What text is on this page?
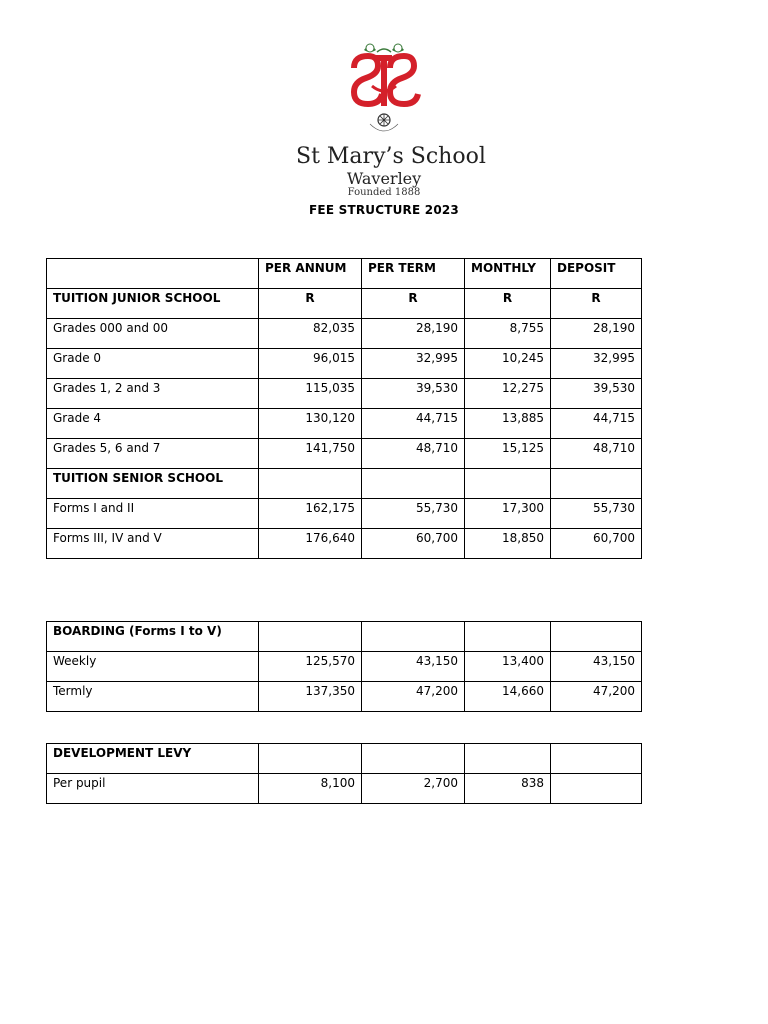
St Mary’s School
Waverley
Founded 1888
FEE STRUCTURE 2023
	PER ANNUM	PER TERM	MONTHLY	DEPOSIT
TUITION JUNIOR SCHOOL	R	R	R	R
Grades 000 and 00	82,035	28,190	8,755	28,190
Grade 0	96,015	32,995	10,245	32,995
Grades 1, 2 and 3	115,035	39,530	12,275	39,530
Grade 4	130,120	44,715	13,885	44,715
Grades 5, 6 and 7	141,750	48,710	15,125	48,710
TUITION SENIOR SCHOOL				
Forms I and II	162,175	55,730	17,300	55,730
Forms III, IV and V	176,640	60,700	18,850	60,700
BOARDING (Forms I to V)				
Weekly	125,570	43,150	13,400	43,150
Termly	137,350	47,200	14,660	47,200
DEVELOPMENT LEVY				
Per pupil	8,100	2,700	838	
